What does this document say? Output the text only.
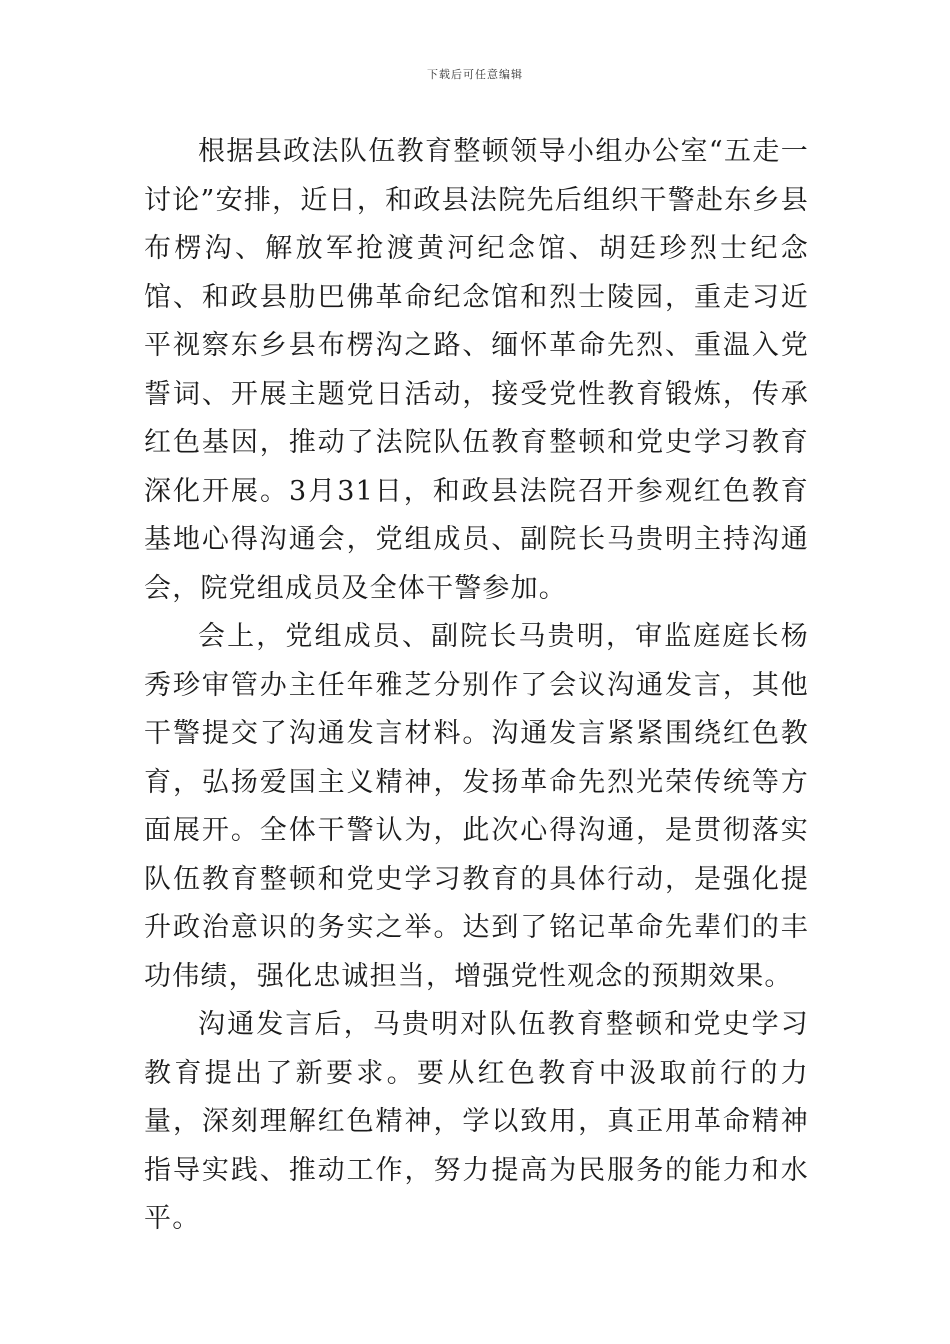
下载后可任意编辑

根据县政法队伍教育整顿领导小组办公室“五走一讨论”安排，近日，和政县法院先后组织干警赴东乡县布楞沟、解放军抢渡黄河纪念馆、胡廷珍烈士纪念馆、和政县肋巴佛革命纪念馆和烈士陵园，重走习近平视察东乡县布楞沟之路、缅怀革命先烈、重温入党誓词、开展主题党日活动，接受党性教育锻炼，传承红色基因，推动了法院队伍教育整顿和党史学习教育深化开展。3月31日，和政县法院召开参观红色教育基地心得沟通会，党组成员、副院长马贵明主持沟通会，院党组成员及全体干警参加。

会上，党组成员、副院长马贵明，审监庭庭长杨秀珍审管办主任年雅芝分别作了会议沟通发言，其他干警提交了沟通发言材料。沟通发言紧紧围绕红色教育，弘扬爱国主义精神，发扬革命先烈光荣传统等方面展开。全体干警认为，此次心得沟通，是贯彻落实队伍教育整顿和党史学习教育的具体行动，是强化提升政治意识的务实之举。达到了铭记革命先辈们的丰功伟绩，强化忠诚担当，增强党性观念的预期效果。

沟通发言后，马贵明对队伍教育整顿和党史学习教育提出了新要求。要从红色教育中汲取前行的力量，深刻理解红色精神，学以致用，真正用革命精神指导实践、推动工作，努力提高为民服务的能力和水平。
